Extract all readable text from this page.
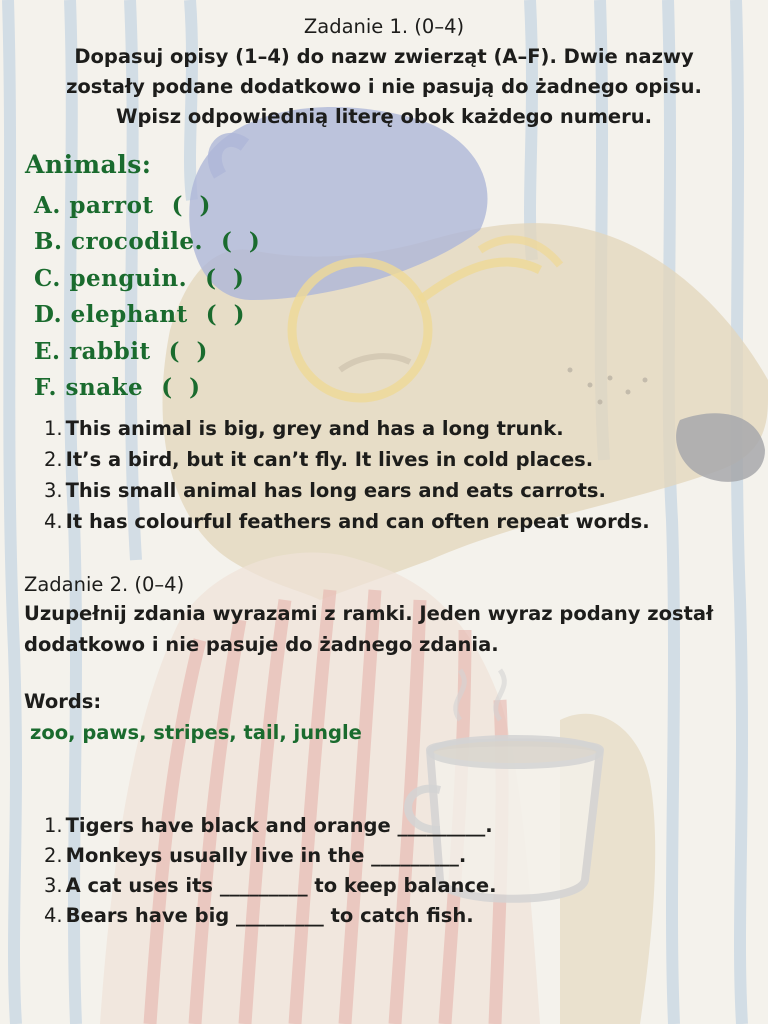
Zadanie 1. (0–4)
Dopasuj opisy (1–4) do nazw zwierząt (A–F). Dwie nazwy
zostały podane dodatkowo i nie pasują do żadnego opisu.
Wpisz odpowiednią literę obok każdego numeru.
Animals:
A. parrot ( )
B. crocodile. ( )
C. penguin. ( )
D. elephant ( )
E. rabbit ( )
F. snake ( )
1. This animal is big, grey and has a long trunk.
2. It’s a bird, but it can’t fly. It lives in cold places.
3. This small animal has long ears and eats carrots.
4. It has colourful feathers and can often repeat words.
Zadanie 2. (0–4)
Uzupełnij zdania wyrazami z ramki. Jeden wyraz podany został
dodatkowo i nie pasuje do żadnego zdania.
Words:
zoo, paws, stripes, tail, jungle
1. Tigers have black and orange _________.
2. Monkeys usually live in the _________.
3. A cat uses its _________ to keep balance.
4. Bears have big _________ to catch fish.
